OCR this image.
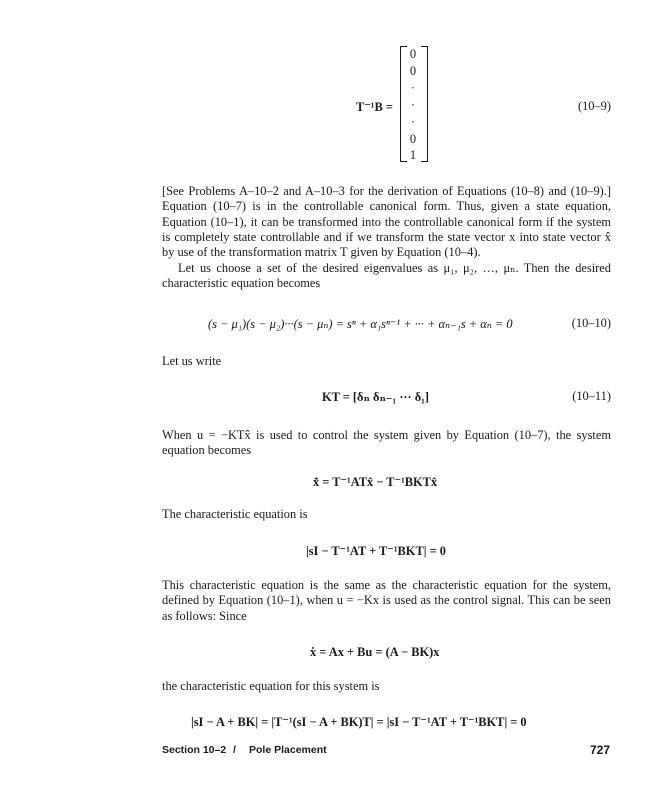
T⁻¹B =
0
0
·
·
·
0
1
(10–9)
[See Problems A–10–2 and A–10–3 for the derivation of Equations (10–8) and (10–9).] Equation (10–7) is in the controllable canonical form. Thus, given a state equation, Equation (10–1), it can be transformed into the controllable canonical form if the system is completely state controllable and if we transform the state vector x into state vector x̂ by use of the transformation matrix T given by Equation (10–4).
Let us choose a set of the desired eigenvalues as μ₁, μ₂, …, μₙ. Then the desired characteristic equation becomes
(s − μ₁)(s − μ₂)···(s − μₙ) = sⁿ + α₁sⁿ⁻¹ + ··· + αₙ₋₁s + αₙ = 0	(10–10)
Let us write
KT = [δₙ δₙ₋₁ ··· δ₁]	(10–11)
When u = −KTx̂ is used to control the system given by Equation (10–7), the system equation becomes
x̂̇ = T⁻¹ATx̂ − T⁻¹BKTx̂
The characteristic equation is
|sI − T⁻¹AT + T⁻¹BKT| = 0
This characteristic equation is the same as the characteristic equation for the system, defined by Equation (10–1), when u = −Kx is used as the control signal. This can be seen as follows: Since
ẋ = Ax + Bu = (A − BK)x
the characteristic equation for this system is
|sI − A + BK| = |T⁻¹(sI − A + BK)T| = |sI − T⁻¹AT + T⁻¹BKT| = 0
Section 10–2 / Pole Placement	727
